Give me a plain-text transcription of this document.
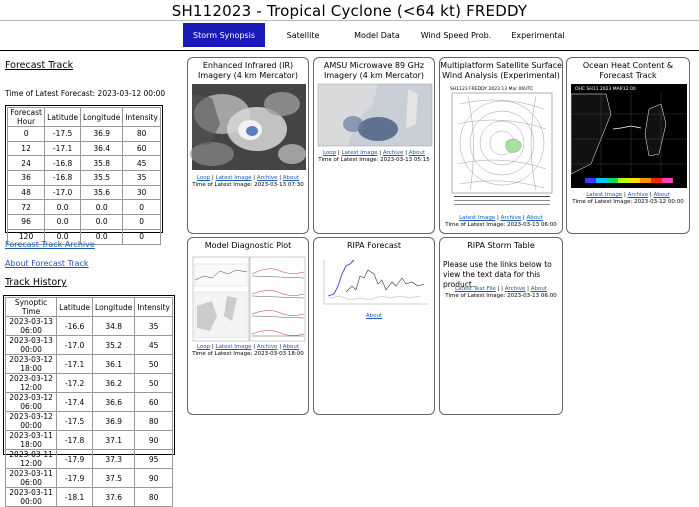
SH112023 - Tropical Cyclone (<64 kt) FREDDY
Storm Synopsis	Satellite	Model Data	Wind Speed Prob.	Experimental
Forecast Track
Time of Latest Forecast: 2023-03-12 00:00
Forecast Hour	Latitude	Longitude	Intensity
0	-17.5	36.9	80
12	-17.1	36.4	60
24	-16.8	35.8	45
36	-16.8	35.5	35
48	-17.0	35.6	30
72	0.0	0.0	0
96	0.0	0.0	0
120	0.0	0.0	0
Forecast Track Archive
About Forecast Track
Track History
Synoptic Time	Latitude	Longitude	Intensity
2023-03-13 06:00	-16.6	34.8	35
2023-03-13 00:00	-17.0	35.2	45
2023-03-12 18:00	-17.1	36.1	50
2023-03-12 12:00	-17.2	36.2	50
2023-03-12 06:00	-17.4	36.6	60
2023-03-12 00:00	-17.5	36.9	80
2023-03-11 18:00	-17.8	37.1	90
2023-03-11 12:00	-17.9	37.3	95
2023-03-11 06:00	-17.9	37.5	90
2023-03-11 00:00	-18.1	37.6	80
Enhanced Infrared (IR) Imagery (4 km Mercator)
Loop | Latest Image | Archive | About
Time of Latest Image: 2023-03-13 07:30
AMSU Microwave 89 GHz Imagery (4 km Mercator)
Loop | Latest Image | Archive | About
Time of Latest Image: 2023-03-13 05:15
Multiplatform Satellite Surface Wind Analysis (Experimental)
SH1123 FREDDY 2023 13 Mar 06UTC
Latest Image | Archive | About
Time of Latest Image: 2023-03-13 06:00
Ocean Heat Content & Forecast Track
OHC SH11 2023 MAR12 00
Latest Image | Archive | About
Time of Latest Image: 2023-03-12 00:00
Model Diagnostic Plot
Loop | Latest Image | Archive | About
Time of Latest Image: 2023-03-03 18:00
RIPA Forecast
About
RIPA Storm Table
Please use the links below to view the text data for this product.
Latest Text File | | Archive | About
Time of Latest Image: 2023-03-13 06:00
